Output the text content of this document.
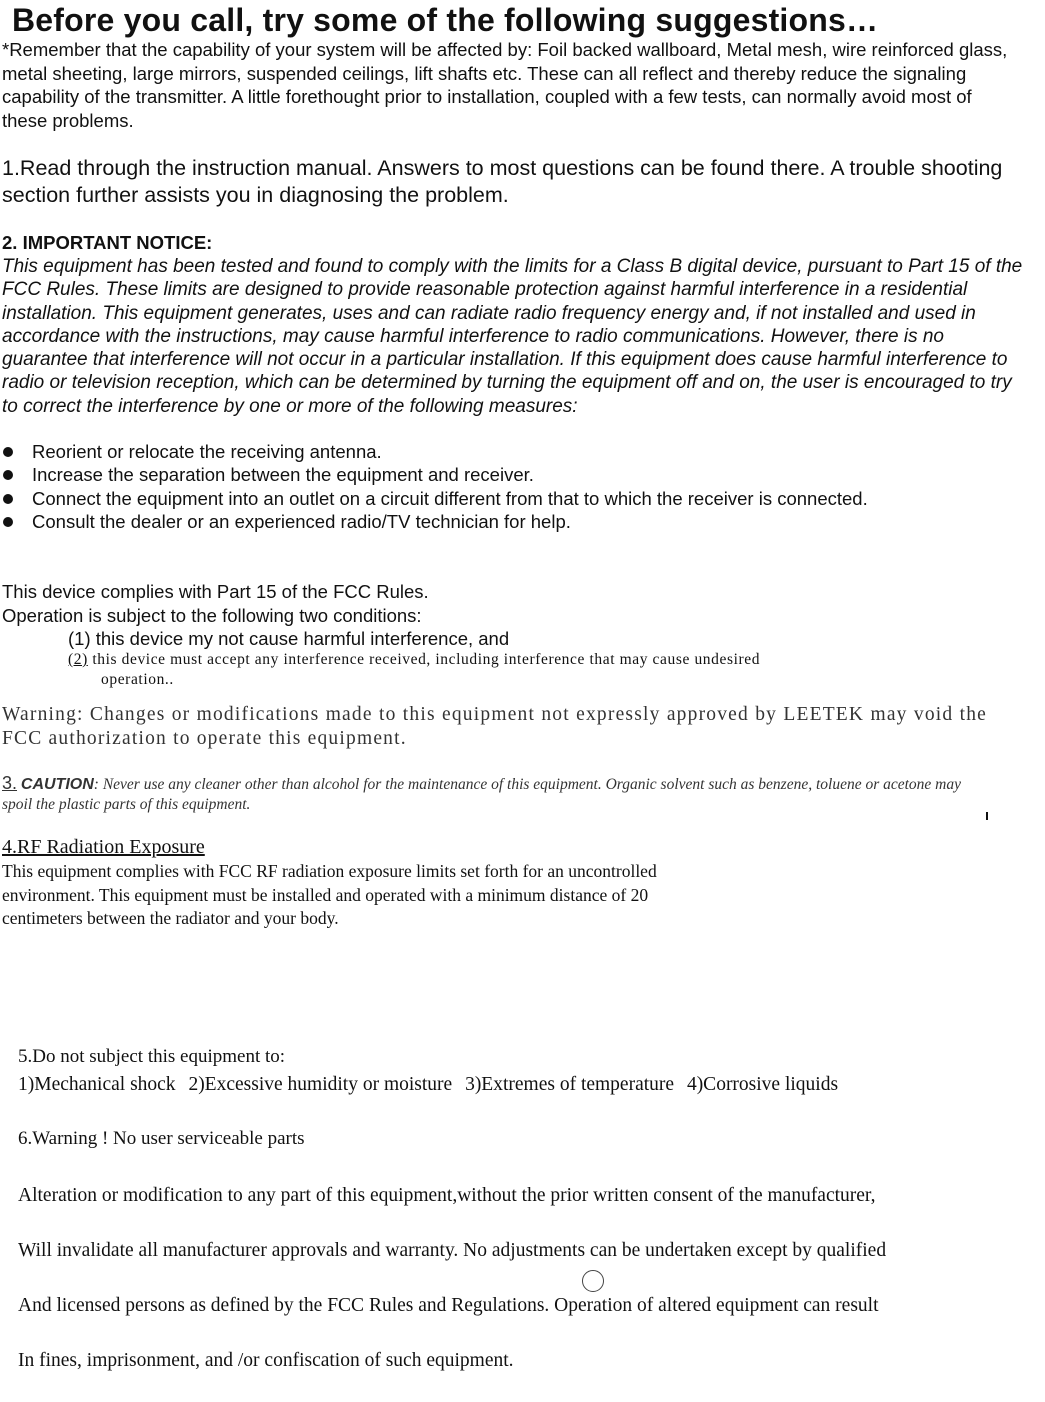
Before you call, try some of the following suggestions…

*Remember that the capability of your system will be affected by: Foil backed wallboard, Metal mesh, wire reinforced glass, metal sheeting, large mirrors, suspended ceilings, lift shafts etc. These can all reflect and thereby reduce the signaling capability of the transmitter. A little forethought prior to installation, coupled with a few tests, can normally avoid most of these problems.

1.Read through the instruction manual. Answers to most questions can be found there. A trouble shooting section further assists you in diagnosing the problem.

2. IMPORTANT NOTICE:

This equipment has been tested and found to comply with the limits for a Class B digital device, pursuant to Part 15 of the FCC Rules. These limits are designed to provide reasonable protection against harmful interference in a residential installation. This equipment generates, uses and can radiate radio frequency energy and, if not installed and used in accordance with the instructions, may cause harmful interference to radio communications. However, there is no guarantee that interference will not occur in a particular installation. If this equipment does cause harmful interference to radio or television reception, which can be determined by turning the equipment off and on, the user is encouraged to try to correct the interference by one or more of the following measures:

Reorient or relocate the receiving antenna.
Increase the separation between the equipment and receiver.
Connect the equipment into an outlet on a circuit different from that to which the receiver is connected.
Consult the dealer or an experienced radio/TV technician for help.
This device complies with Part 15 of the FCC Rules.
Operation is subject to the following two conditions:

(1) this device my not cause harmful interference, and

(2) this device must accept any interference received, including interference that may cause undesired
operation..

Warning: Changes or modifications made to this equipment not expressly approved by LEETEK may void the FCC authorization to operate this equipment.

3. CAUTION: Never use any cleaner other than alcohol for the maintenance of this equipment. Organic solvent such as benzene, toluene or acetone may spoil the plastic parts of this equipment.

4.RF Radiation Exposure

This equipment complies with FCC RF radiation exposure limits set forth for an uncontrolled environment. This equipment must be installed and operated with a minimum distance of 20 centimeters between the radiator and your body.

5.Do not subject this equipment to:

1)Mechanical shock 2)Excessive humidity or moisture 3)Extremes of temperature 4)Corrosive liquids

6.Warning ! No user serviceable parts

Alteration or modification to any part of this equipment,without the prior written consent of the manufacturer,

Will invalidate all manufacturer approvals and warranty. No adjustments can be undertaken except by qualified

And licensed persons as defined by the FCC Rules and Regulations. Operation of altered equipment can result

In fines, imprisonment, and /or confiscation of such equipment.
